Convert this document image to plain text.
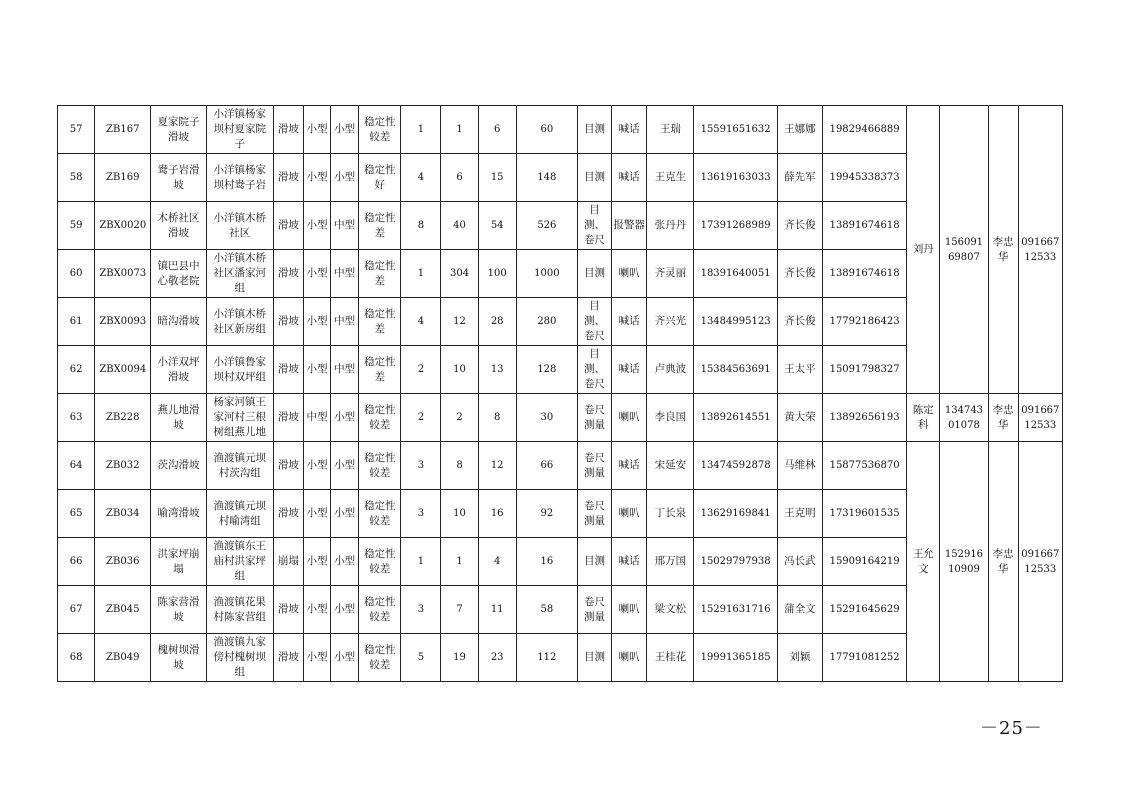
57	ZB167	夏家院子滑坡	小洋镇杨家坝村夏家院子	滑坡	小型	小型	稳定性较差	1	1	6	60	目测	喊话	王瑞	15591651632	王娜娜	19829466889	刘丹	15609169807	李忠华	09166712533
58	ZB169	鸯子岩滑坡	小洋镇杨家坝村鸯子岩	滑坡	小型	小型	稳定性好	4	6	15	148	目测	喊话	王克生	13619163033	薛先军	19945338373				
59	ZBX0020	木桥社区滑坡	小洋镇木桥社区	滑坡	小型	中型	稳定性差	8	40	54	526	目测、卷尺	报警器	张丹丹	17391268989	齐长俊	13891674618				
60	ZBX0073	镇巴县中心敬老院	小洋镇木桥社区潘家河组	滑坡	小型	中型	稳定性差	1	304	100	1000	目测	喇叭	齐灵丽	18391640051	齐长俊	13891674618				
61	ZBX0093	暗沟滑坡	小洋镇木桥社区新房组	滑坡	小型	中型	稳定性差	4	12	28	280	目测、卷尺	喊话	齐兴光	13484995123	齐长俊	17792186423				
62	ZBX0094	小洋双坪滑坡	小洋镇鲁家坝村双坪组	滑坡	小型	中型	稳定性差	2	10	13	128	目测、卷尺	喊话	卢典波	15384563691	王太平	15091798327				
63	ZB228	燕儿地滑坡	杨家河镇王家河村三根树组燕儿地	滑坡	中型	小型	稳定性较差	2	2	8	30	卷尺测量	喇叭	李良国	13892614551	黄大荣	13892656193	陈定科	13474301078	李忠华	09166712533
64	ZB032	茨沟滑坡	渔渡镇元坝村茨沟组	滑坡	小型	小型	稳定性较差	3	8	12	66	卷尺测量	喊话	宋延安	13474592878	马维林	15877536870	王允文	15291610909	李忠华	09166712533
65	ZB034	喻湾滑坡	渔渡镇元坝村喻湾组	滑坡	小型	小型	稳定性较差	3	10	16	92	卷尺测量	喇叭	丁长泉	13629169841	王克明	17319601535				
66	ZB036	洪家坪崩塌	渔渡镇东王庙村洪家坪组	崩塌	小型	小型	稳定性较差	1	1	4	16	目测	喊话	邢万国	15029797938	冯长武	15909164219				
67	ZB045	陈家营滑坡	渔渡镇花果村陈家营组	滑坡	小型	小型	稳定性较差	3	7	11	58	卷尺测量	喇叭	梁文松	15291631716	蒲全文	15291645629				
68	ZB049	槐树坝滑坡	渔渡镇九家傍村槐树坝组	滑坡	小型	小型	稳定性较差	5	19	23	112	目测	喇叭	王桂花	19991365185	刘颖	17791081252				
－25－
